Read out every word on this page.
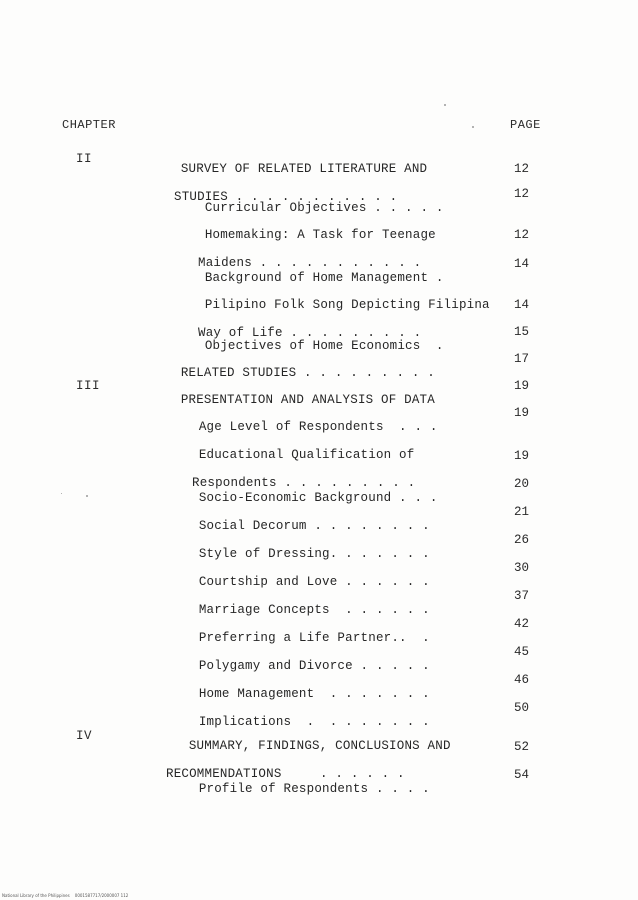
CHAPTER	PAGE
II

SURVEY OF RELATED LITERATURE AND

STUDIES . . . . . . . . . . .

12

Curricular Objectives . . . . .

12

Homemaking: A Task for Teenage

Maidens . . . . . . . . . . .

12

Background of Home Management .

14

Pilipino Folk Song Depicting Filipina

Way of Life . . . . . . . . .

14

Objectives of Home Economics  .

15

RELATED STUDIES . . . . . . . . .

17
III

PRESENTATION AND ANALYSIS OF DATA

19

Age Level of Respondents  . . .

19

Educational Qualification of

Respondents . . . . . . . . .

19

Socio-Economic Background . . .

20

Social Decorum . . . . . . . .

21

Style of Dressing. . . . . . .

26

Courtship and Love . . . . . .

30

Marriage Concepts  . . . . . .

37

Preferring a Life Partner..  .

42

Polygamy and Divorce . . . . .

45

Home Management  . . . . . . .

46

Implications  .  . . . . . . .

50
IV

SUMMARY, FINDINGS, CONCLUSIONS AND

RECOMMENDATIONS     . . . . . .

52

Profile of Respondents . . . .

54
National Library of the Philippines    0001587717/2000007 112
